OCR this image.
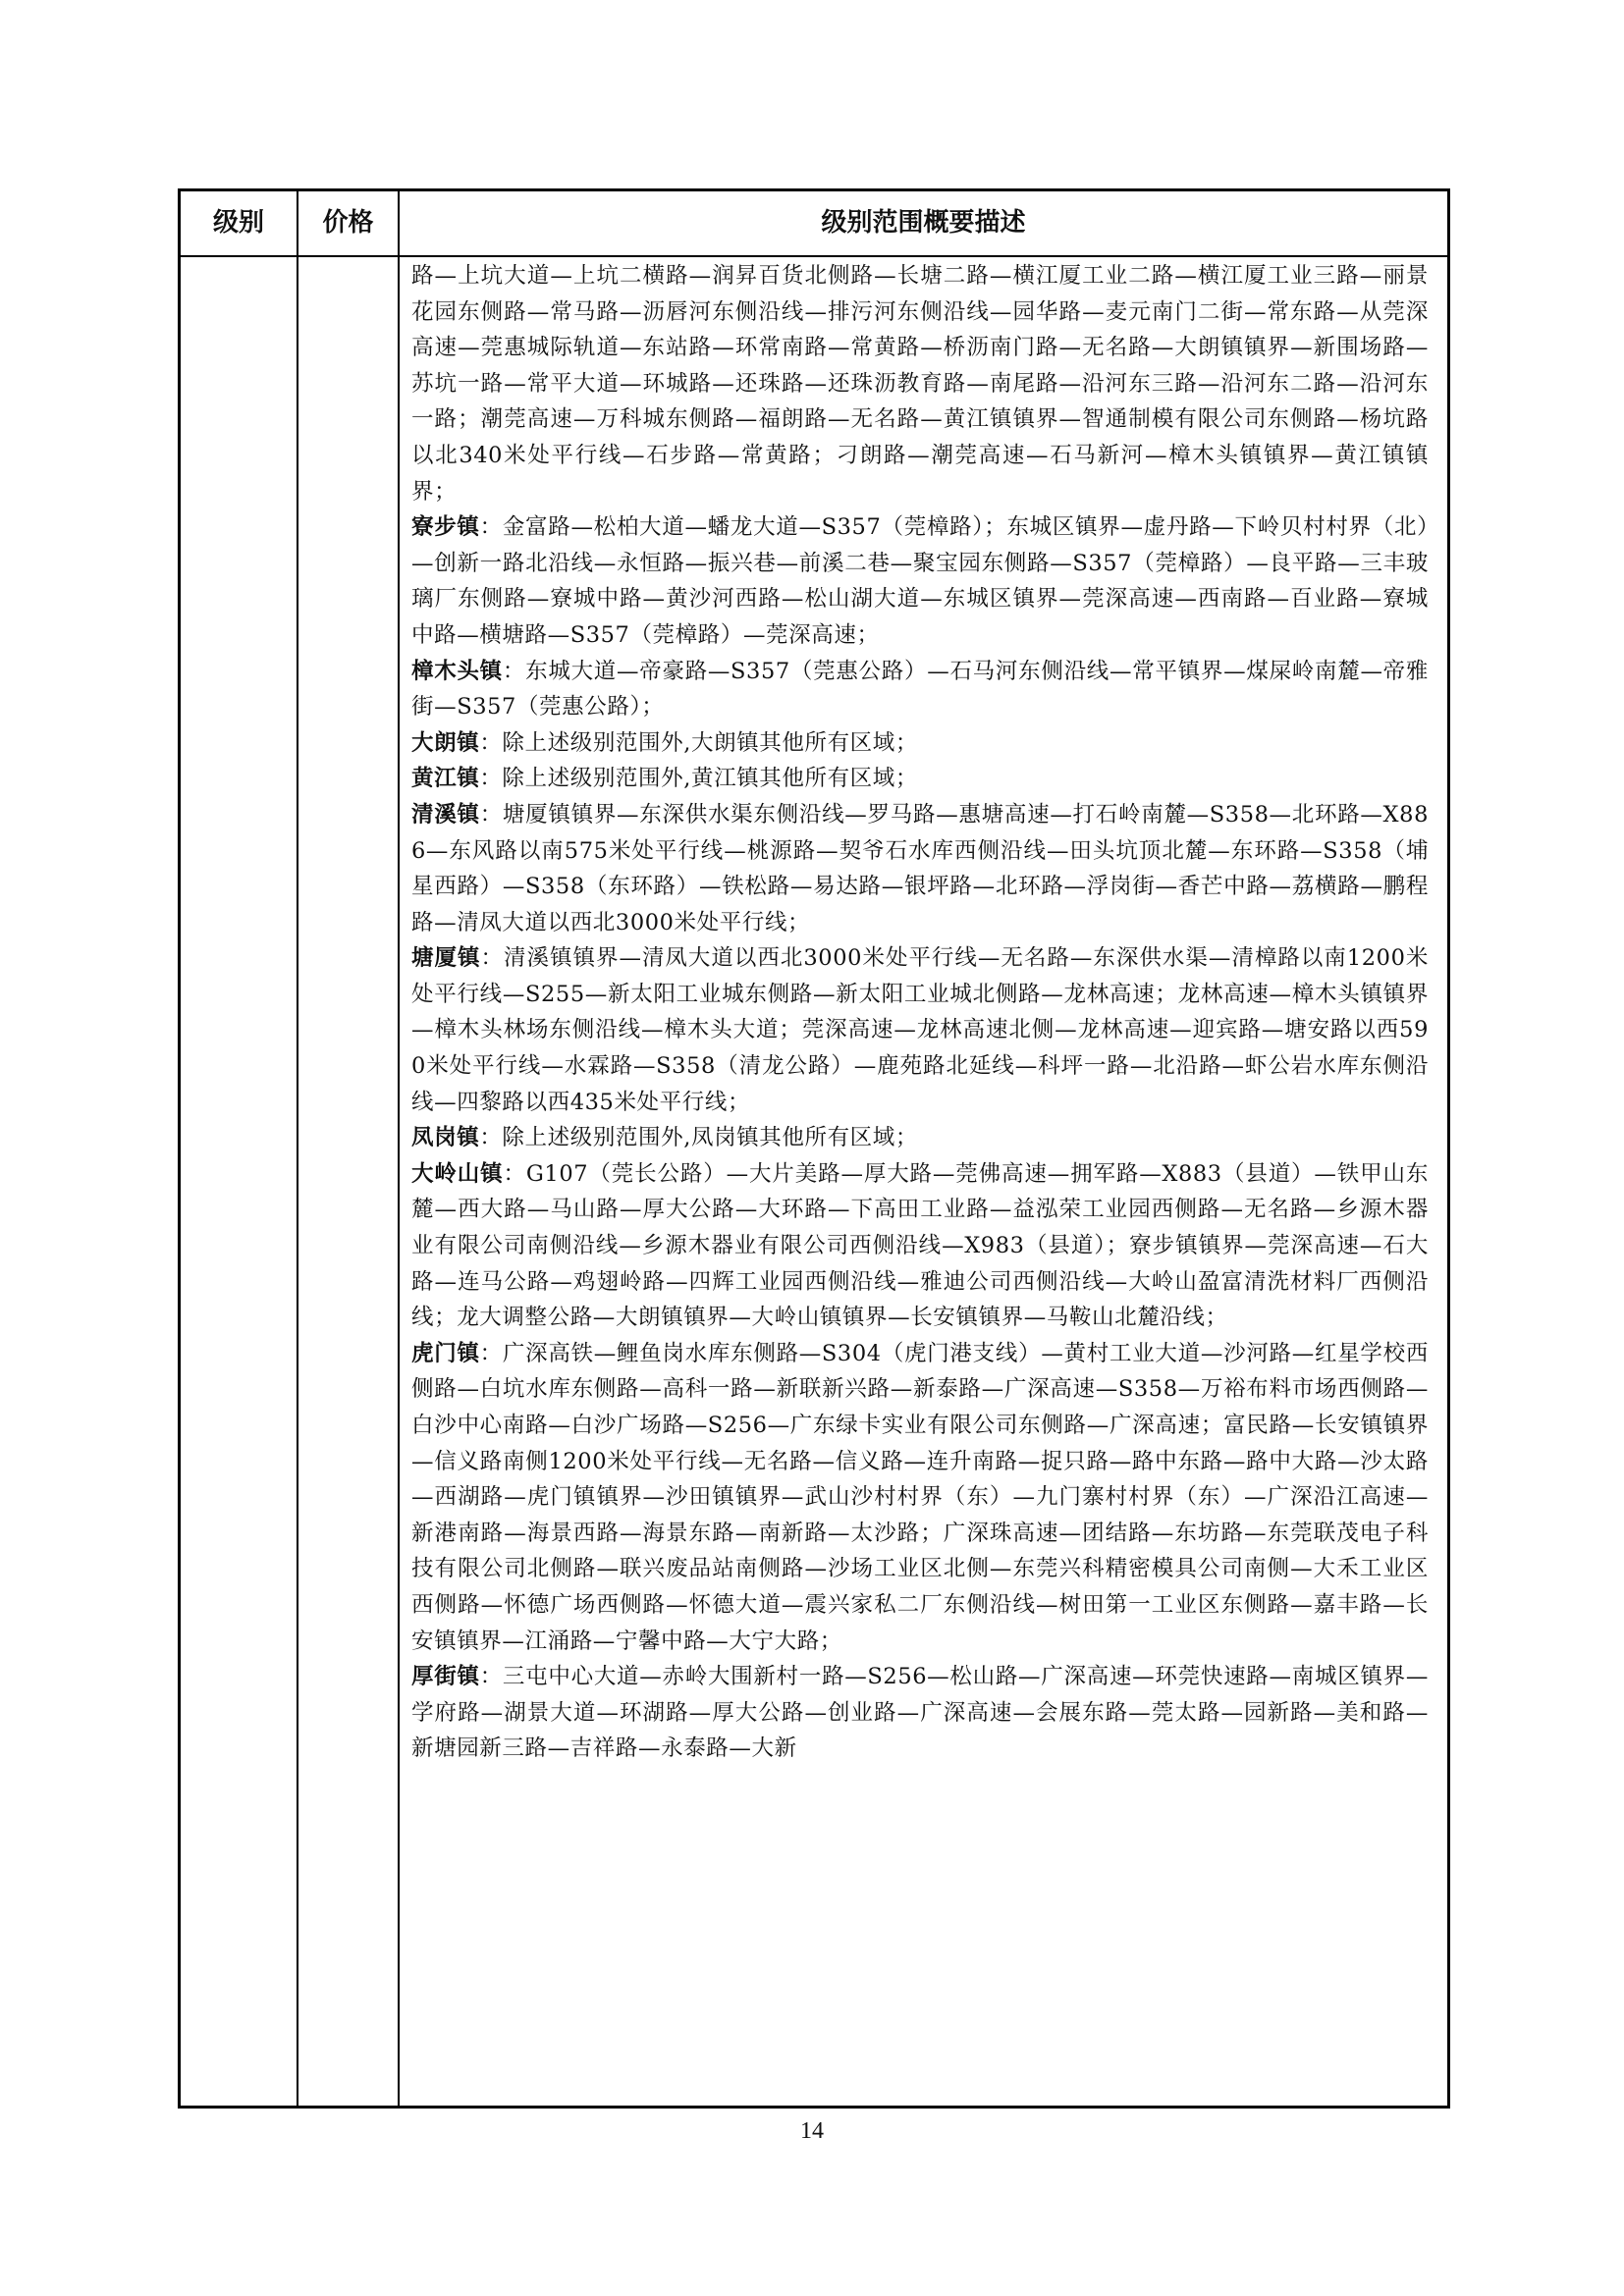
级别	价格	级别范围概要描述

路—上坑大道—上坑二横路—润昇百货北侧路—长塘二路—横江厦工业二路—横江厦工业三路—丽景花园东侧路—常马路—沥唇河东侧沿线—排污河东侧沿线—园华路—麦元南门二街—常东路—从莞深高速—莞惠城际轨道—东站路—环常南路—常黄路—桥沥南门路—无名路—大朗镇镇界—新围场路—苏坑一路—常平大道—环城路—还珠路—还珠沥教育路—南尾路—沿河东三路—沿河东二路—沿河东一路；潮莞高速—万科城东侧路—福朗路—无名路—黄江镇镇界—智通制模有限公司东侧路—杨坑路以北340米处平行线—石步路—常黄路；刁朗路—潮莞高速—石马新河—樟木头镇镇界—黄江镇镇界；

寮步镇：金富路—松柏大道—蟠龙大道—S357（莞樟路）；东城区镇界—虚丹路—下岭贝村村界（北）—创新一路北沿线—永恒路—振兴巷—前溪二巷—聚宝园东侧路—S357（莞樟路）—良平路—三丰玻璃厂东侧路—寮城中路—黄沙河西路—松山湖大道—东城区镇界—莞深高速—西南路—百业路—寮城中路—横塘路—S357（莞樟路）—莞深高速；

樟木头镇：东城大道—帝豪路—S357（莞惠公路）—石马河东侧沿线—常平镇界—煤屎岭南麓—帝雅街—S357（莞惠公路）；

大朗镇：除上述级别范围外,大朗镇其他所有区域；

黄江镇：除上述级别范围外,黄江镇其他所有区域；

清溪镇：塘厦镇镇界—东深供水渠东侧沿线—罗马路—惠塘高速—打石岭南麓—S358—北环路—X886—东风路以南575米处平行线—桃源路—契爷石水库西侧沿线—田头坑顶北麓—东环路—S358（埔星西路）—S358（东环路）—铁松路—易达路—银坪路—北环路—浮岗街—香芒中路—荔横路—鹏程路—清凤大道以西北3000米处平行线；

塘厦镇：清溪镇镇界—清凤大道以西北3000米处平行线—无名路—东深供水渠—清樟路以南1200米处平行线—S255—新太阳工业城东侧路—新太阳工业城北侧路—龙林高速；龙林高速—樟木头镇镇界—樟木头林场东侧沿线—樟木头大道；莞深高速—龙林高速北侧—龙林高速—迎宾路—塘安路以西590米处平行线—水霖路—S358（清龙公路）—鹿苑路北延线—科坪一路—北沿路—虾公岩水库东侧沿线—四黎路以西435米处平行线；

凤岗镇：除上述级别范围外,凤岗镇其他所有区域；

大岭山镇：G107（莞长公路）—大片美路—厚大路—莞佛高速—拥军路—X883（县道）—铁甲山东麓—西大路—马山路—厚大公路—大环路—下高田工业路—益泓荣工业园西侧路—无名路—乡源木器业有限公司南侧沿线—乡源木器业有限公司西侧沿线—X983（县道）；寮步镇镇界—莞深高速—石大路—连马公路—鸡翅岭路—四辉工业园西侧沿线—雅迪公司西侧沿线—大岭山盈富清洗材料厂西侧沿线；龙大调整公路—大朗镇镇界—大岭山镇镇界—长安镇镇界—马鞍山北麓沿线；

虎门镇：广深高铁—鲤鱼岗水库东侧路—S304（虎门港支线）—黄村工业大道—沙河路—红星学校西侧路—白坑水库东侧路—高科一路—新联新兴路—新泰路—广深高速—S358—万裕布料市场西侧路—白沙中心南路—白沙广场路—S256—广东绿卡实业有限公司东侧路—广深高速；富民路—长安镇镇界—信义路南侧1200米处平行线—无名路—信义路—连升南路—捉只路—路中东路—路中大路—沙太路—西湖路—虎门镇镇界—沙田镇镇界—武山沙村村界（东）—九门寨村村界（东）—广深沿江高速—新港南路—海景西路—海景东路—南新路—太沙路；广深珠高速—团结路—东坊路—东莞联茂电子科技有限公司北侧路—联兴废品站南侧路—沙场工业区北侧—东莞兴科精密模具公司南侧—大禾工业区西侧路—怀德广场西侧路—怀德大道—震兴家私二厂东侧沿线—树田第一工业区东侧路—嘉丰路—长安镇镇界—江涌路—宁馨中路—大宁大路；

厚街镇：三屯中心大道—赤岭大围新村一路—S256—松山路—广深高速—环莞快速路—南城区镇界—学府路—湖景大道—环湖路—厚大公路—创业路—广深高速—会展东路—莞太路—园新路—美和路—新塘园新三路—吉祥路—永泰路—大新

14
